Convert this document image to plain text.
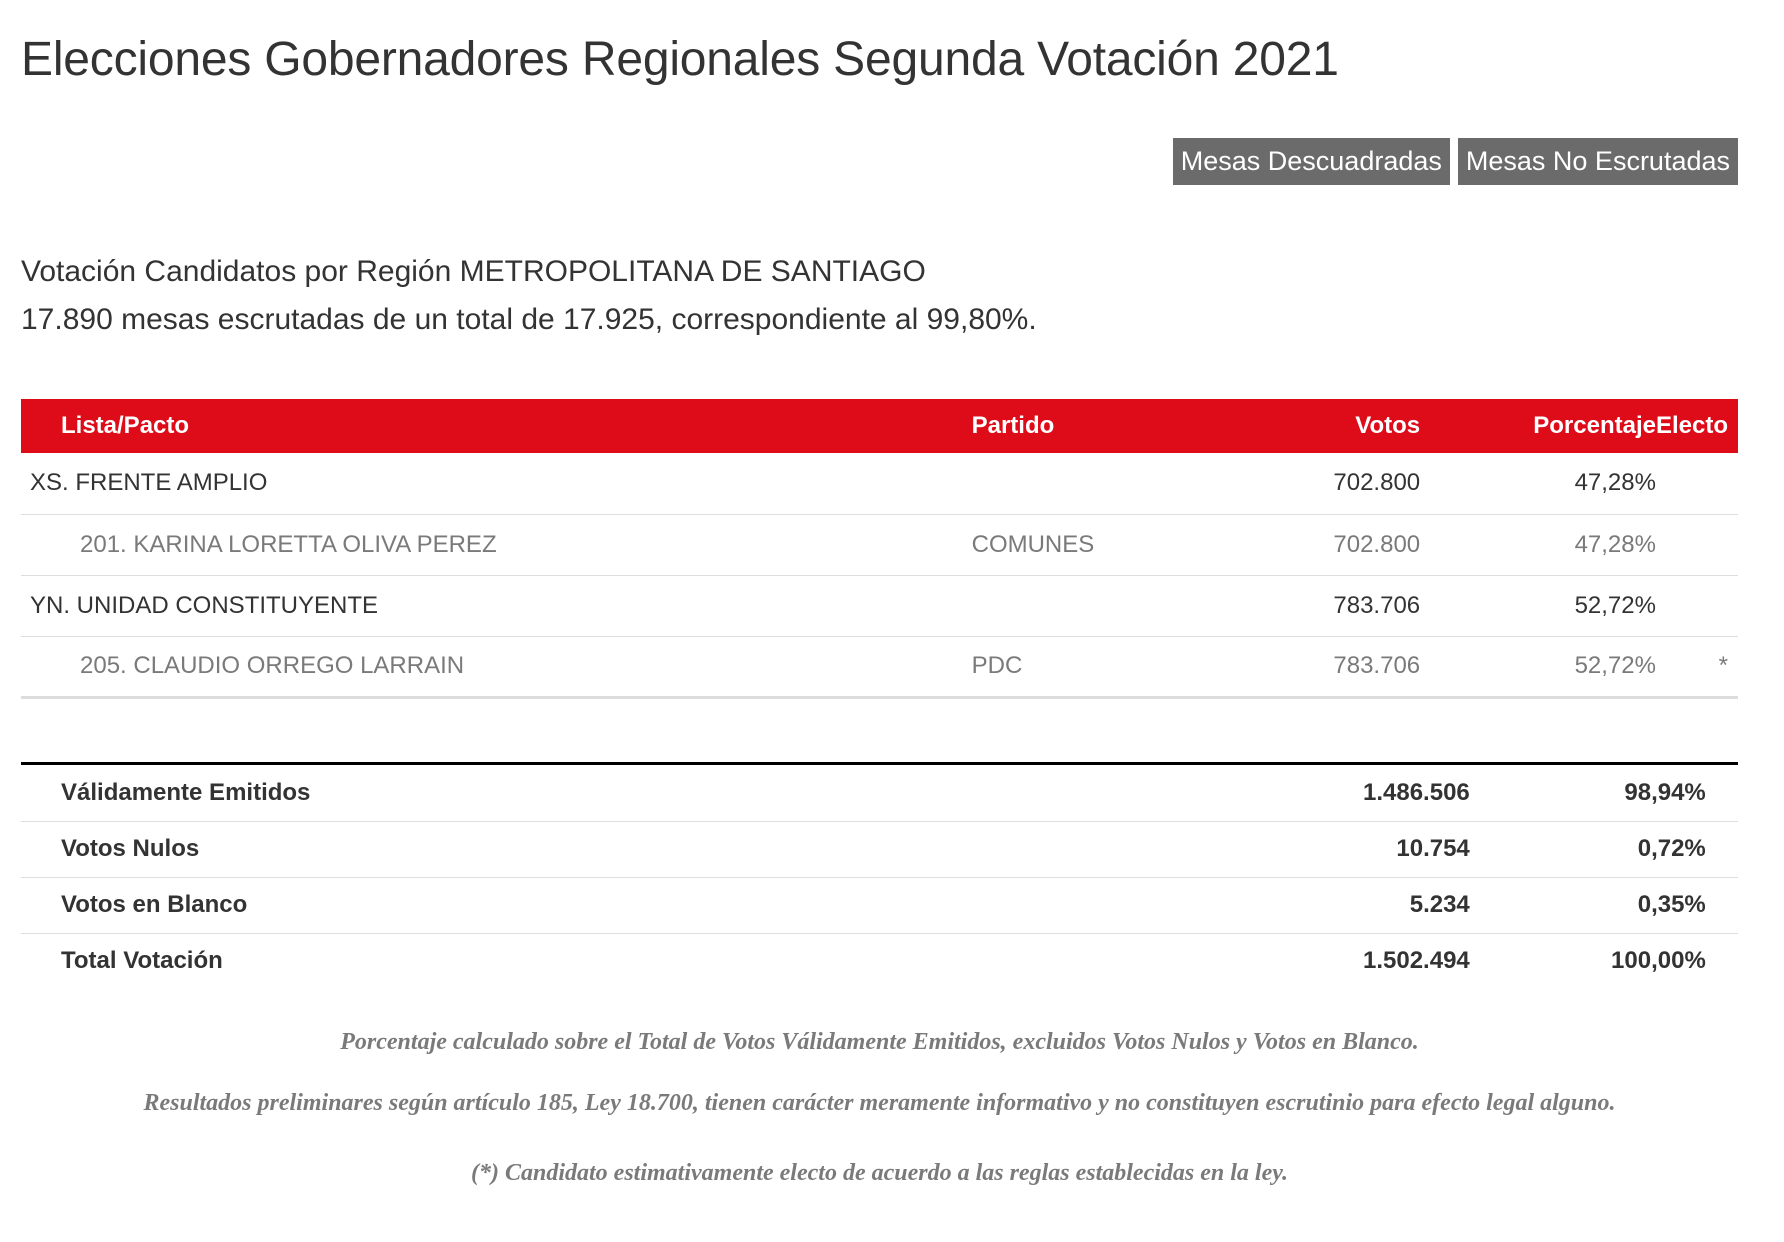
Elecciones Gobernadores Regionales Segunda Votación 2021
Mesas Descuadradas Mesas No Escrutadas
Votación Candidatos por Región METROPOLITANA DE SANTIAGO
17.890 mesas escrutadas de un total de 17.925, correspondiente al 99,80%.
Lista/Pacto	Partido	Votos	Porcentaje	Electo
XS. FRENTE AMPLIO		702.800	47,28%	
201. KARINA LORETTA OLIVA PEREZ	COMUNES	702.800	47,28%	
YN. UNIDAD CONSTITUYENTE		783.706	52,72%	
205. CLAUDIO ORREGO LARRAIN	PDC	783.706	52,72%	*
Válidamente Emitidos	1.486.506	98,94%	
Votos Nulos	10.754	0,72%	
Votos en Blanco	5.234	0,35%	
Total Votación	1.502.494	100,00%	
Porcentaje calculado sobre el Total de Votos Válidamente Emitidos, excluidos Votos Nulos y Votos en Blanco.
Resultados preliminares según artículo 185, Ley 18.700, tienen carácter meramente informativo y no constituyen escrutinio para efecto legal alguno.
(*) Candidato estimativamente electo de acuerdo a las reglas establecidas en la ley.
